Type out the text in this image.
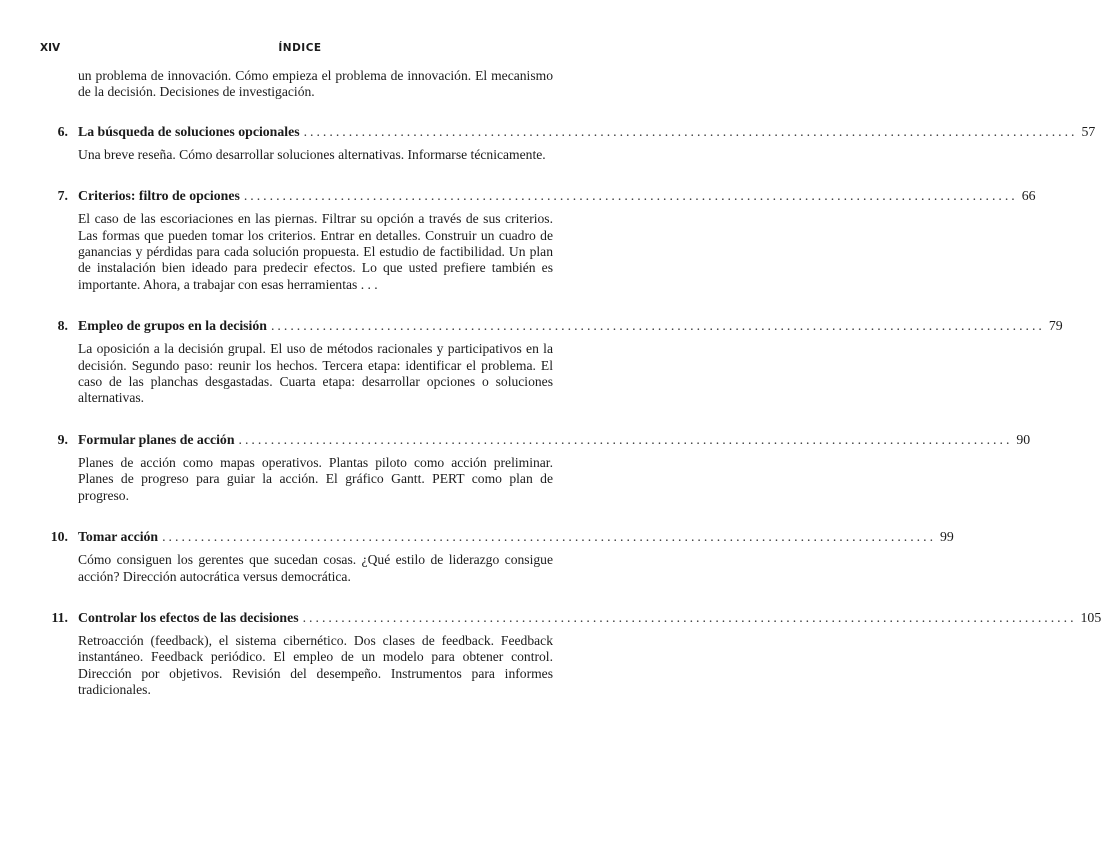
XIV	ÍNDICE

un problema de innovación. Cómo empieza el problema de innovación. El mecanismo de la decisión. Decisiones de investigación.

6. La búsqueda de soluciones opcionales ........................................................................................................................ 57

Una breve reseña. Cómo desarrollar soluciones alternativas. Informarse técnicamente.

7. Criterios: filtro de opciones ........................................................................................................................ 66

El caso de las escoriaciones en las piernas. Filtrar su opción a través de sus criterios. Las formas que pueden tomar los criterios. Entrar en detalles. Construir un cuadro de ganancias y pérdidas para cada solución propuesta. El estudio de factibilidad. Un plan de instalación bien ideado para predecir efectos. Lo que usted prefiere también es importante. Ahora, a trabajar con esas herramientas . . .

8. Empleo de grupos en la decisión ........................................................................................................................ 79

La oposición a la decisión grupal. El uso de métodos racionales y participativos en la decisión. Segundo paso: reunir los hechos. Tercera etapa: identificar el problema. El caso de las planchas desgastadas. Cuarta etapa: desarrollar opciones o soluciones alternativas.

9. Formular planes de acción ........................................................................................................................ 90

Planes de acción como mapas operativos. Plantas piloto como acción preliminar. Planes de progreso para guiar la acción. El gráfico Gantt. PERT como plan de progreso.

10. Tomar acción ........................................................................................................................ 99

Cómo consiguen los gerentes que sucedan cosas. ¿Qué estilo de liderazgo consigue acción? Dirección autocrática versus democrática.

11. Controlar los efectos de las decisiones ........................................................................................................................ 105

Retroacción (feedback), el sistema cibernético. Dos clases de feedback. Feedback instantáneo. Feedback periódico. El empleo de un modelo para obtener control. Dirección por objetivos. Revisión del desempeño. Instrumentos para informes tradicionales.
